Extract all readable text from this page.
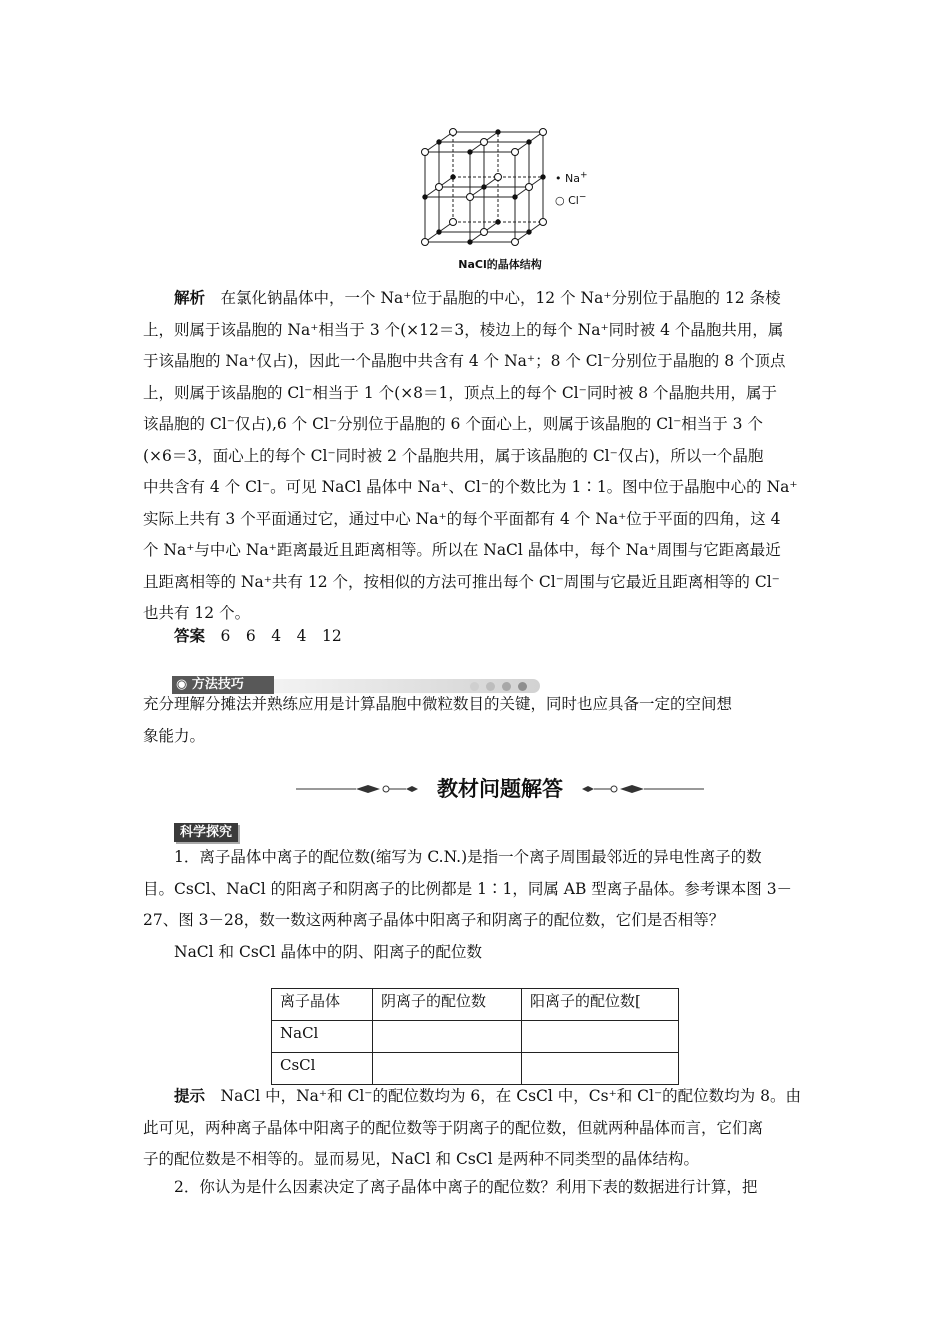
NaCl的晶体结构
• Na+
○ Cl−
解析　 在氯化钠晶体中，一个 Na⁺位于晶胞的中心，12 个 Na⁺分别位于晶胞的 12 条棱
上，则属于该晶胞的 Na⁺相当于 3 个(×12＝3，棱边上的每个 Na⁺同时被 4 个晶胞共用，属
于该晶胞的 Na⁺仅占)，因此一个晶胞中共含有 4 个 Na⁺；8 个 Cl⁻分别位于晶胞的 8 个顶点
上，则属于该晶胞的 Cl⁻相当于 1 个(×8＝1，顶点上的每个 Cl⁻同时被 8 个晶胞共用，属于
该晶胞的 Cl⁻仅占),6 个 Cl⁻分别位于晶胞的 6 个面心上，则属于该晶胞的 Cl⁻相当于 3 个
(×6＝3，面心上的每个 Cl⁻同时被 2 个晶胞共用，属于该晶胞的 Cl⁻仅占)，所以一个晶胞
中共含有 4 个 Cl⁻。可见 NaCl 晶体中 Na⁺、Cl⁻的个数比为 1∶1。图中位于晶胞中心的 Na⁺
实际上共有 3 个平面通过它，通过中心 Na⁺的每个平面都有 4 个 Na⁺位于平面的四角，这 4
个 Na⁺与中心 Na⁺距离最近且距离相等。所以在 NaCl 晶体中，每个 Na⁺周围与它距离最近
且距离相等的 Na⁺共有 12 个，按相似的方法可推出每个 Cl⁻周围与它最近且距离相等的 Cl⁻
也共有 12 个。
答案　 6　6　4　4　12
◉ 方法技巧
充分理解分摊法并熟练应用是计算晶胞中微粒数目的关键，同时也应具备一定的空间想
象能力。
教材问题解答
科学探究
1．离子晶体中离子的配位数(缩写为 C.N.)是指一个离子周围最邻近的异电性离子的数
目。CsCl、NaCl 的阳离子和阴离子的比例都是 1∶1，同属 AB 型离子晶体。参考课本图 3－
27、图 3－28，数一数这两种离子晶体中阳离子和阴离子的配位数，它们是否相等？
NaCl 和 CsCl 晶体中的阴、阳离子的配位数
离子晶体	阴离子的配位数	阳离子的配位数[
NaCl		
CsCl		
提示　 NaCl 中，Na⁺和 Cl⁻的配位数均为 6，在 CsCl 中，Cs⁺和 Cl⁻的配位数均为 8。由
此可见，两种离子晶体中阳离子的配位数等于阴离子的配位数，但就两种晶体而言，它们离
子的配位数是不相等的。显而易见，NaCl 和 CsCl 是两种不同类型的晶体结构。
2．你认为是什么因素决定了离子晶体中离子的配位数？利用下表的数据进行计算，把
